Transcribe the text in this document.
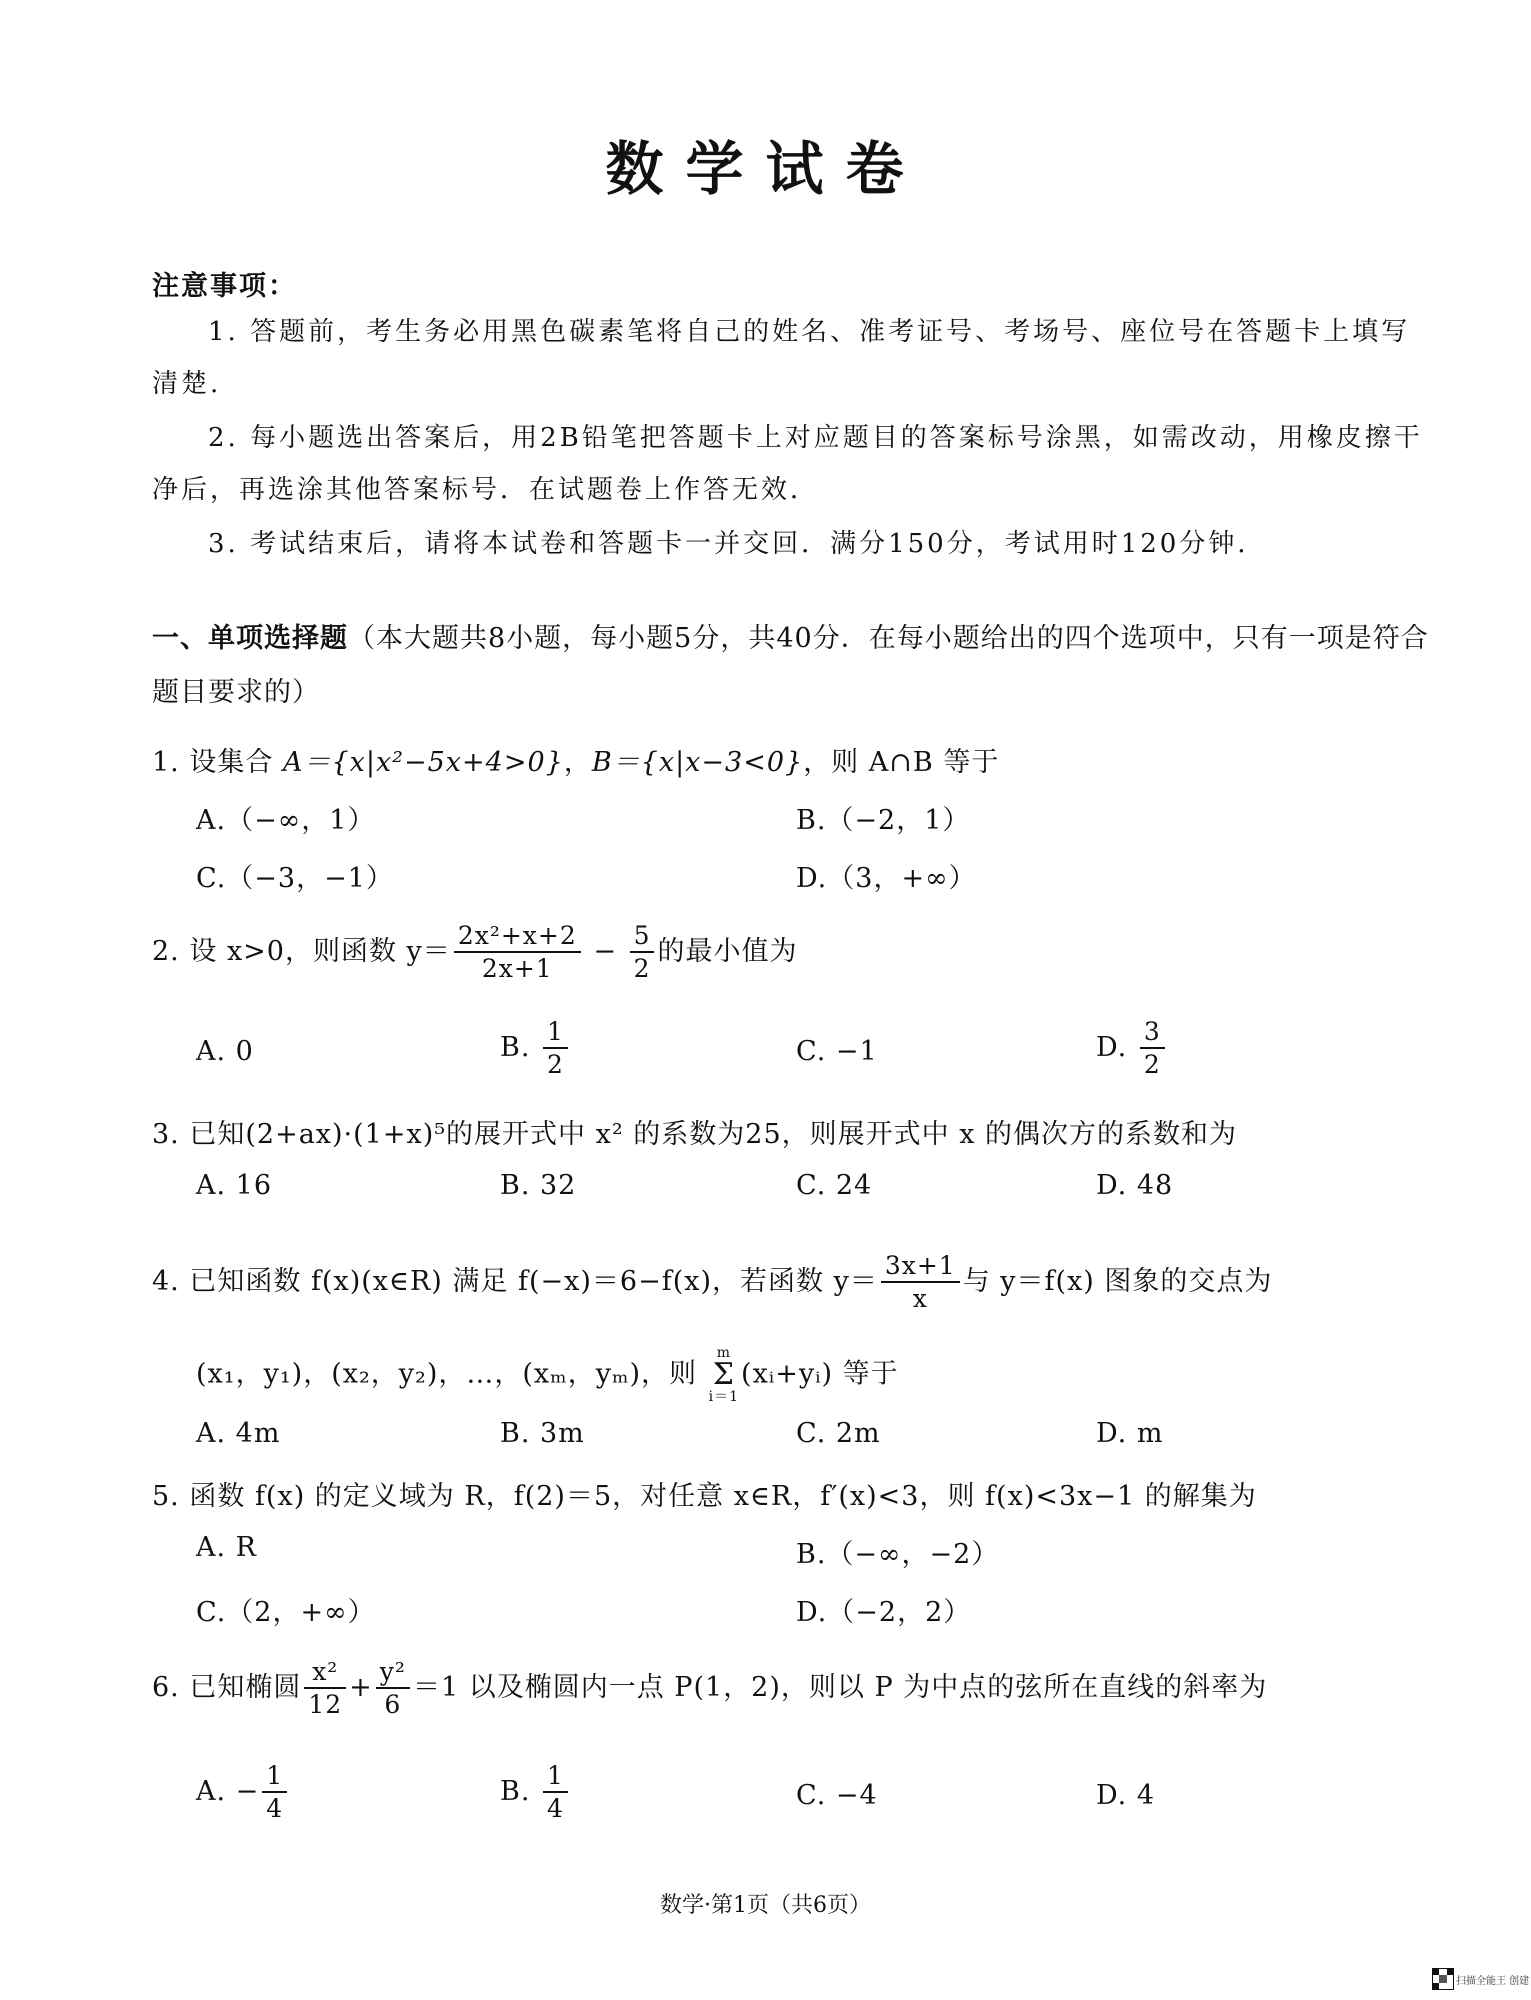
数学试卷
注意事项：
1. 答题前，考生务必用黑色碳素笔将自己的姓名、准考证号、考场号、座位号在答题卡上填写清楚.
2. 每小题选出答案后，用2B铅笔把答题卡上对应题目的答案标号涂黑，如需改动，用橡皮擦干净后，再选涂其他答案标号．在试题卷上作答无效．
3. 考试结束后，请将本试卷和答题卡一并交回．满分150分，考试用时120分钟．
一、单项选择题（本大题共8小题，每小题5分，共40分．在每小题给出的四个选项中，只有一项是符合题目要求的）
1. 设集合 A＝{x|x²−5x+4>0}，B＝{x|x−3<0}，则 A∩B 等于
A.（−∞，1）	B.（−2，1）
C.（−3，−1）	D.（3，+∞）
2. 设 x>0，则函数 $y= \frac{\text{2x²+x+2}}{2x+1} - \frac{5}{2}$ 的最小值为
A. 0	B. $\frac{1}{2}$	C. −1	D. $\frac{3}{2}$
3. 已知(2+ax)·(1+x)⁵的展开式中 x² 的系数为25，则展开式中 x 的偶次方的系数和为
A. 16	B. 32	C. 24	D. 48
4. 已知函数 f(x)(x∈R) 满足 f(−x)＝6−f(x)，若函数 $y= \frac{3x+1}{x}$ 与 y＝f(x) 图象的交点为
(x₁，y₁)，(x₂，y₂)，…，(xₘ，yₘ)，则 m
Σ
i＝1(xᵢ+yᵢ) 等于
A. 4m	B. 3m	C. 2m	D. m
5. 函数 f(x) 的定义域为 R，f(2)＝5，对任意 x∈R，f′(x)<3，则 f(x)<3x−1 的解集为
A. R	B.（−∞，−2）
C.（2，+∞）	D.（−2，2）
6. 已知椭圆 $\frac{\text{x²}}{12} + \frac{\text{y²}}{6} =1$ 以及椭圆内一点 P(1，2)，则以 P 为中点的弦所在直线的斜率为
A. − $\frac{1}{4}$	B. $\frac{1}{4}$	C. −4	D. 4
数学·第1页（共6页）
扫描全能王 创建
